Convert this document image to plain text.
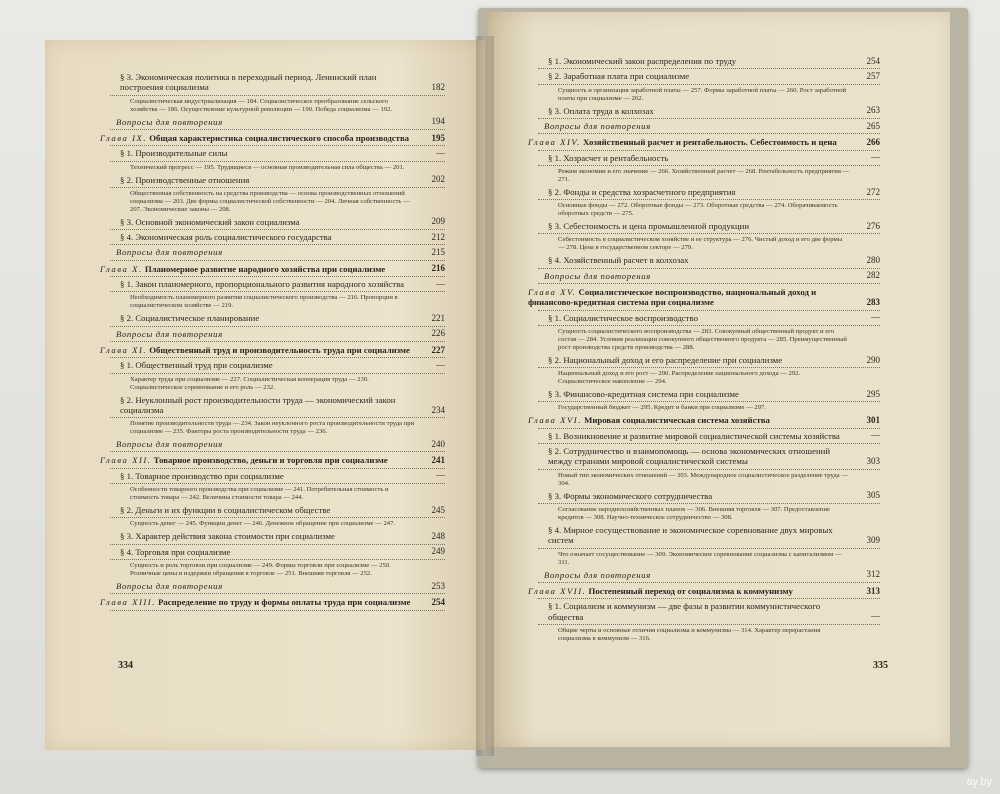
§ 3. Экономическая политика в переходный период. Ленинский план построения социализма	182
Социалистическая индустриализация — 184. Социалистическое преобразование сельского хозяйства — 186. Осуществление культурной революции — 190. Победа социализма — 192.
Вопросы для повторения	194
Глава IX. Общая характеристика социалистического способа производства	195
§ 1. Производительные силы	—
Технический прогресс — 195. Трудящиеся — основная производительная сила общества — 201.
§ 2. Производственные отношения	202
Общественная собственность на средства производства — основа производственных отношений социализма — 203. Две формы социалистической собственности — 204. Личная собственность — 207. Экономические законы — 208.
§ 3. Основной экономический закон социализма	209
§ 4. Экономическая роль социалистического государства	212
Вопросы для повторения	215
Глава X. Планомерное развитие народного хозяйства при социализме	216
§ 1. Закон планомерного, пропорционального развития народного хозяйства	—
Необходимость планомерного развития социалистического производства — 216. Пропорции в социалистическом хозяйстве — 219.
§ 2. Социалистическое планирование	221
Вопросы для повторения	226
Глава XI. Общественный труд и производительность труда при социализме	227
§ 1. Общественный труд при социализме	—
Характер труда при социализме — 227. Социалистическая кооперация труда — 230. Социалистическое соревнование и его роль — 232.
§ 2. Неуклонный рост производительности труда — экономический закон социализма	234
Понятие производительности труда — 234. Закон неуклонного роста производительности труда при социализме — 235. Факторы роста производительности труда — 236.
Вопросы для повторения	240
Глава XII. Товарное производство, деньги и торговля при социализме	241
§ 1. Товарное производство при социализме	—
Особенности товарного производства при социализме — 241. Потребительная стоимость и стоимость товара — 242. Величина стоимости товара — 244.
§ 2. Деньги и их функции в социалистическом обществе	245
Сущность денег — 245. Функции денег — 246. Денежное обращение при социализме — 247.
§ 3. Характер действия закона стоимости при социализме	248
§ 4. Торговля при социализме	249
Сущность и роль торговли при социализме — 249. Формы торговли при социализме — 250. Розничные цены и издержки обращения в торговле — 251. Внешняя торговля — 252.
Вопросы для повторения	253
Глава XIII. Распределение по труду и формы оплаты труда при социализме	254
§ 1. Экономический закон распределения по труду	254
§ 2. Заработная плата при социализме	257
Сущность и организация заработной платы — 257. Формы заработной платы — 260. Рост заработной платы при социализме — 262.
§ 3. Оплата труда в колхозах	263
Вопросы для повторения	265
Глава XIV. Хозяйственный расчет и рентабельность. Себестоимость и цена	266
§ 1. Хозрасчет и рентабельность	—
Режим экономии и его значение — 266. Хозяйственный расчет — 268. Рентабельность предприятия — 271.
§ 2. Фонды и средства хозрасчетного предприятия	272
Основные фонды — 272. Оборотные фонды — 273. Оборотные средства — 274. Оборачиваемость оборотных средств — 275.
§ 3. Себестоимость и цена промышленной продукции	276
Себестоимость в социалистическом хозяйстве и ее структура — 276. Чистый доход и его две формы — 278. Цена в государственном секторе — 279.
§ 4. Хозяйственный расчет в колхозах	280
Вопросы для повторения	282
Глава XV. Социалистическое воспроизводство, национальный доход и финансово-кредитная система при социализме	283
§ 1. Социалистическое воспроизводство	—
Сущность социалистического воспроизводства — 283. Совокупный общественный продукт и его состав — 284. Условия реализации совокупного общественного продукта — 285. Преимущественный рост производства средств производства — 288.
§ 2. Национальный доход и его распределение при социализме	290
Национальный доход и его рост — 290. Распределение национального дохода — 292. Социалистическое накопление — 294.
§ 3. Финансово-кредитная система при социализме	295
Государственный бюджет — 295. Кредит и банки при социализме — 297.
Глава XVI. Мировая социалистическая система хозяйства	301
§ 1. Возникновение и развитие мировой социалистической системы хозяйства	—
§ 2. Сотрудничество и взаимопомощь — основа экономических отношений между странами мировой социалистической системы	303
Новый тип экономических отношений — 303. Международное социалистическое разделение труда — 304.
§ 3. Формы экономического сотрудничества	305
Согласование народнохозяйственных планов — 306. Внешняя торговля — 307. Предоставление кредитов — 308. Научно-техническое сотрудничество — 308.
§ 4. Мирное сосуществование и экономическое соревнование двух мировых систем	309
Что означает сосуществование — 309. Экономическое соревнование социализма с капитализмом — 311.
Вопросы для повторения	312
Глава XVII. Постепенный переход от социализма к коммунизму	313
§ 1. Социализм и коммунизм — две фазы в развитии коммунистического общества	—
Общие черты и основные отличия социализма и коммунизма — 314. Характер перерастания социализма в коммунизм — 316.
334	335
ay.by
